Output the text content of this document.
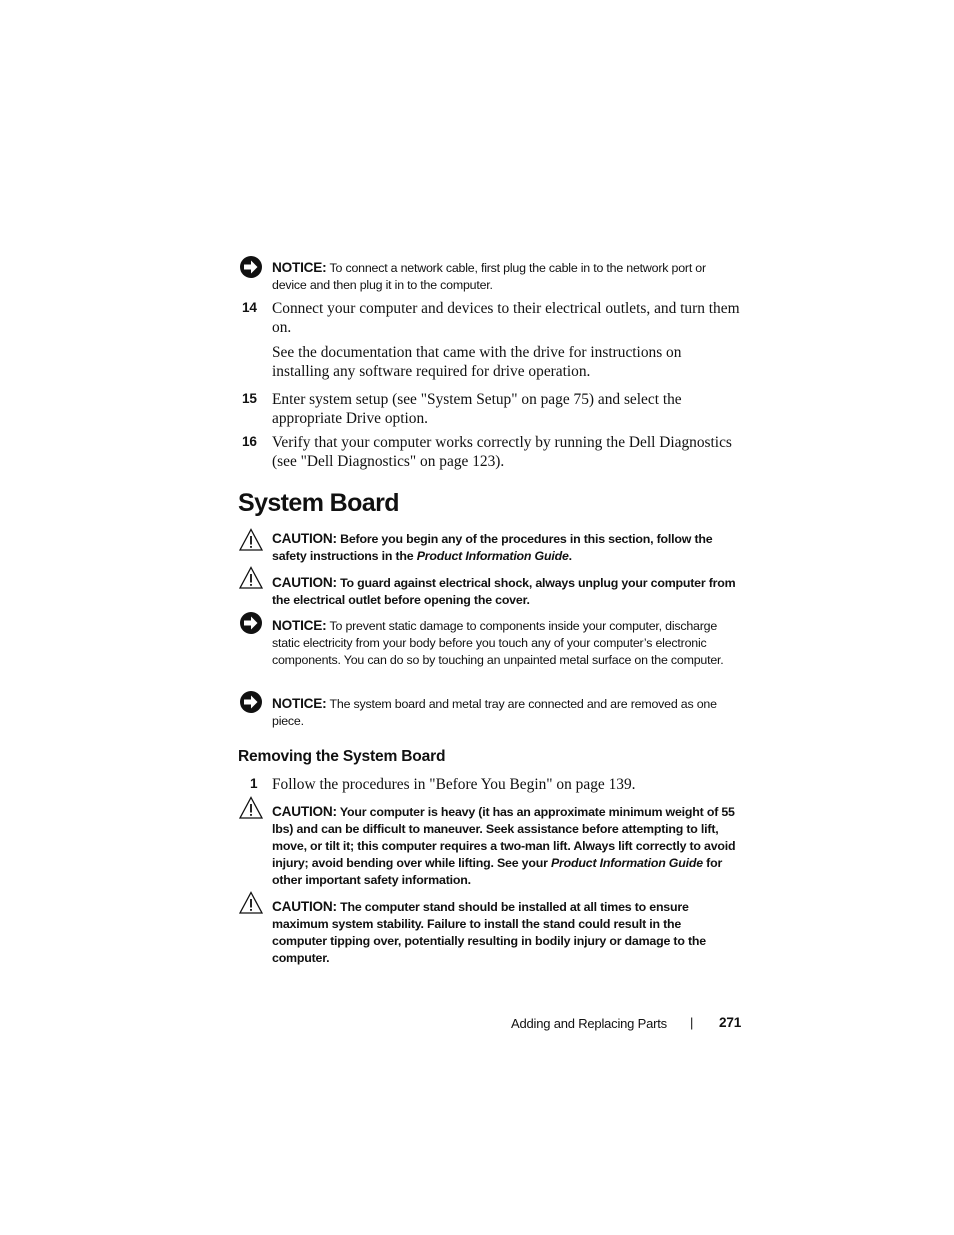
NOTICE: To connect a network cable, first plug the cable in to the network port or device and then plug it in to the computer.
14 Connect your computer and devices to their electrical outlets, and turn them on.
See the documentation that came with the drive for instructions on installing any software required for drive operation.
15 Enter system setup (see "System Setup" on page 75) and select the appropriate Drive option.
16 Verify that your computer works correctly by running the Dell Diagnostics (see "Dell Diagnostics" on page 123).
System Board
CAUTION: Before you begin any of the procedures in this section, follow the safety instructions in the Product Information Guide.
CAUTION: To guard against electrical shock, always unplug your computer from the electrical outlet before opening the cover.
NOTICE: To prevent static damage to components inside your computer, discharge static electricity from your body before you touch any of your computer’s electronic components. You can do so by touching an unpainted metal surface on the computer.
NOTICE: The system board and metal tray are connected and are removed as one piece.
Removing the System Board
1 Follow the procedures in "Before You Begin" on page 139.
CAUTION: Your computer is heavy (it has an approximate minimum weight of 55 lbs) and can be difficult to maneuver. Seek assistance before attempting to lift, move, or tilt it; this computer requires a two-man lift. Always lift correctly to avoid injury; avoid bending over while lifting. See your Product Information Guide for other important safety information.
CAUTION: The computer stand should be installed at all times to ensure maximum system stability. Failure to install the stand could result in the computer tipping over, potentially resulting in bodily injury or damage to the computer.
Adding and Replacing Parts | 271
